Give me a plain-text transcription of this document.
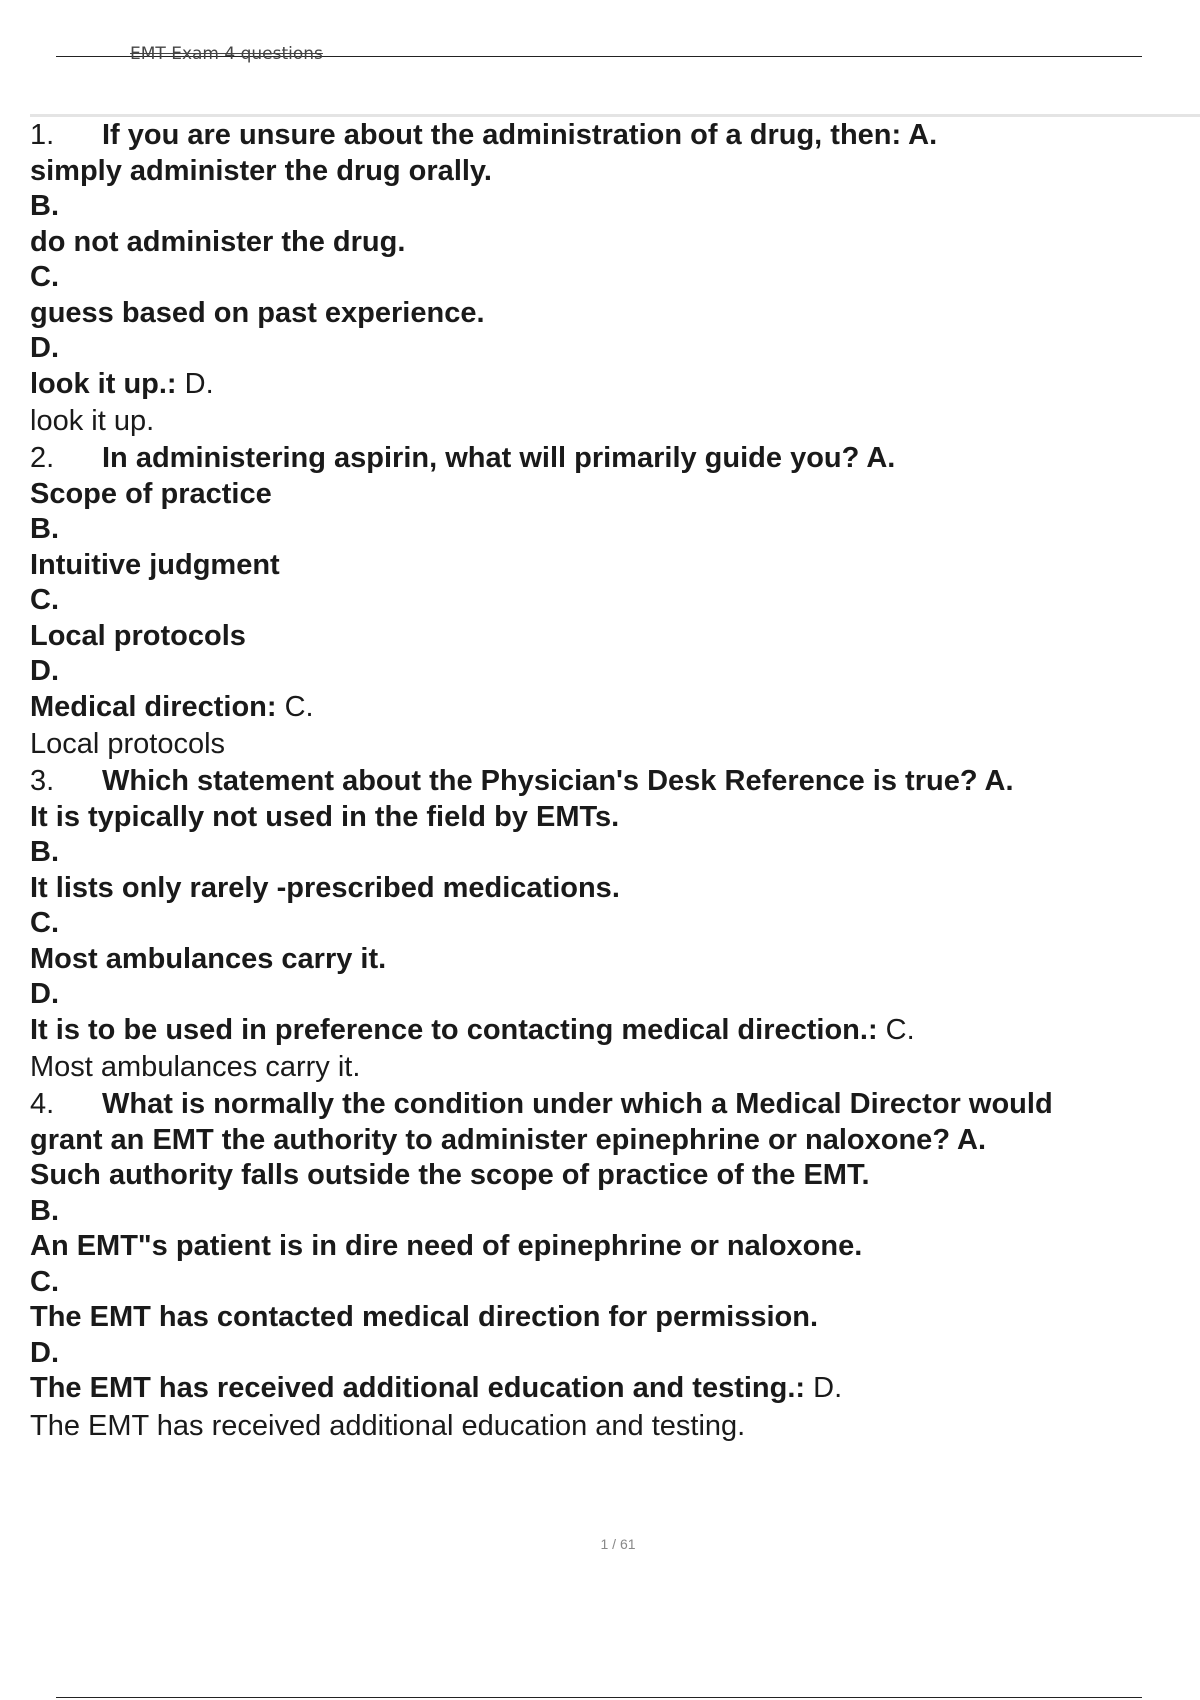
EMT Exam 4 questions
1. If you are unsure about the administration of a drug, then: A.
simply administer the drug orally.
B.
do not administer the drug.
C.
guess based on past experience.
D.
look it up.: D.
look it up.
2. In administering aspirin, what will primarily guide you? A.
Scope of practice
B.
Intuitive judgment
C.
Local protocols
D.
Medical direction: C.
Local protocols
3. Which statement about the Physician's Desk Reference is true? A.
It is typically not used in the field by EMTs.
B.
It lists only rarely -prescribed medications.
C.
Most ambulances carry it.
D.
It is to be used in preference to contacting medical direction.: C.
Most ambulances carry it.
4. What is normally the condition under which a Medical Director would
grant an EMT the authority to administer epinephrine or naloxone? A.
Such authority falls outside the scope of practice of the EMT.
B.
An EMT"s patient is in dire need of epinephrine or naloxone.
C.
The EMT has contacted medical direction for permission.
D.
The EMT has received additional education and testing.: D.
The EMT has received additional education and testing.
1 / 61
